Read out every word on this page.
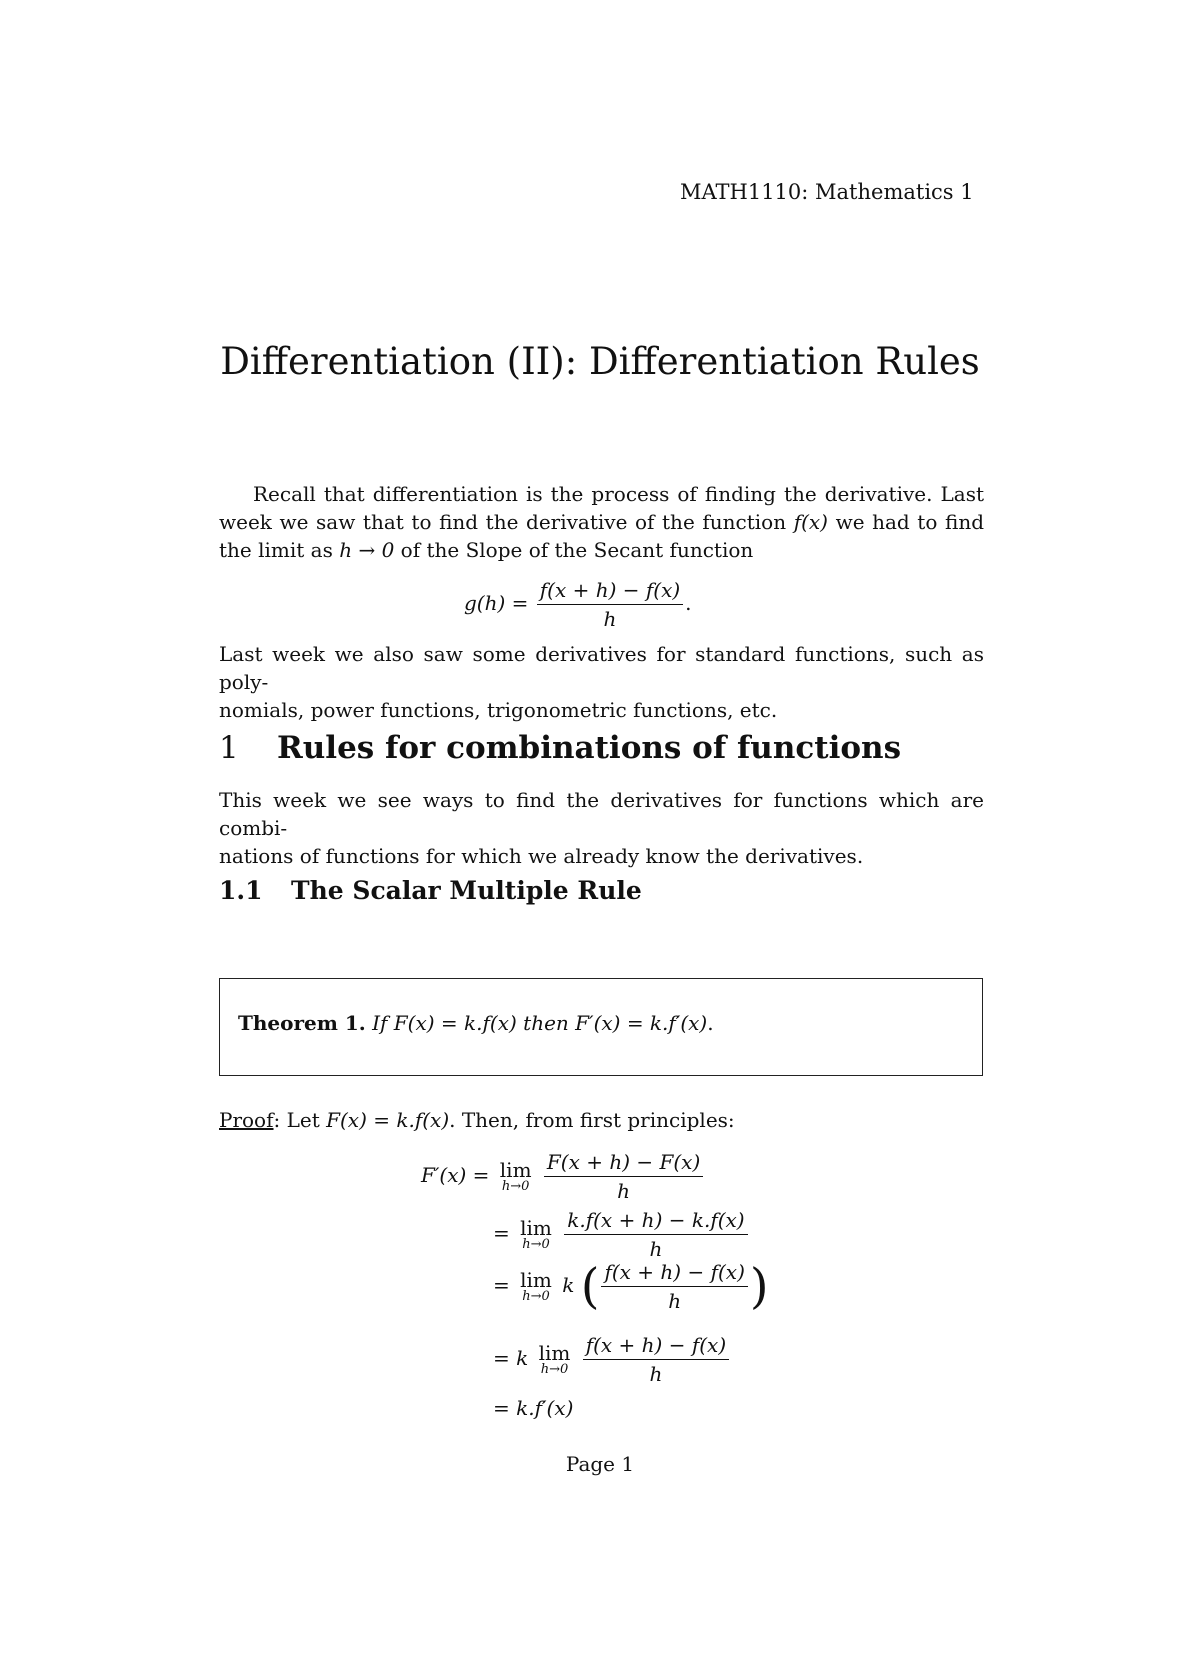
MATH1110: Mathematics 1
Differentiation (II): Differentiation Rules
Recall that differentiation is the process of finding the derivative. Last
week we saw that to find the derivative of the function f(x) we had to find
the limit as h → 0 of the Slope of the Secant function
$g(h) = \frac{f(x + h) - f(x)}{h}$ .
Last week we also saw some derivatives for standard functions, such as poly-
nomials, power functions, trigonometric functions, etc.
1 Rules for combinations of functions
This week we see ways to find the derivatives for functions which are combi-
nations of functions for which we already know the derivatives.
1.1 The Scalar Multiple Rule
Theorem 1. If F(x) = k.f(x) then F′(x) = k.f′(x).
Proof: Let F(x) = k.f(x). Then, from first principles:
F′(x) = lim
h→0
$\frac{F(x + h) - F(x)}{h}$
= lim
h→0
$\frac{k.f(x + h) - k.f(x)}{h}$
= lim
h→0 k ( $\frac{f(x + h) - f(x)}{h}$ )
= k lim
h→0
$\frac{f(x + h) - f(x)}{h}$
= k.f′(x)
Page 1
